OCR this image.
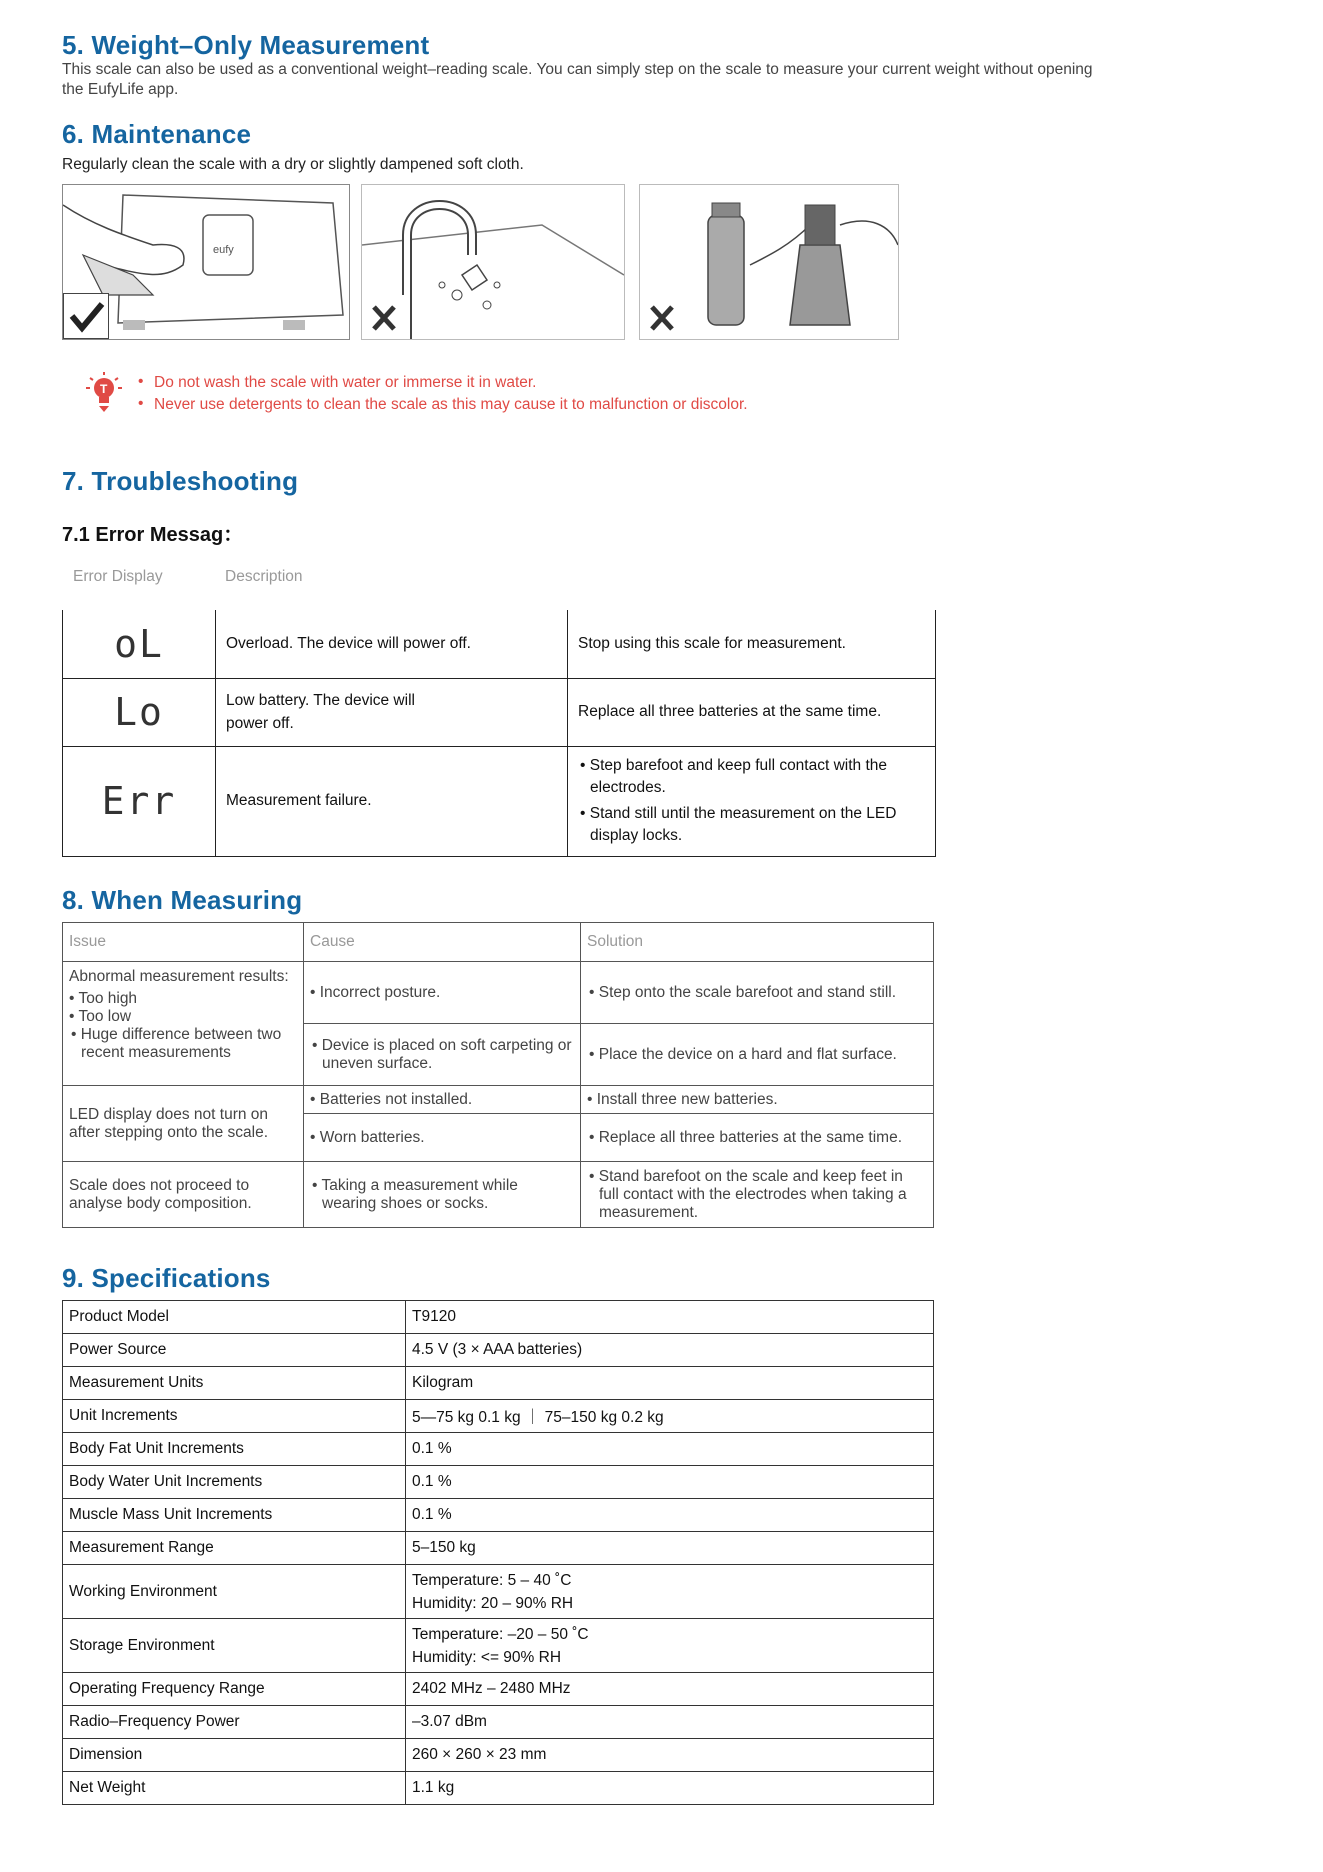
5. Weight–Only Measurement
This scale can also be used as a conventional weight–reading scale. You can simply step on the scale to measure your current weight without opening
the EufyLife app.
6. Maintenance
Regularly clean the scale with a dry or slightly dampened soft cloth.
eufy
T • Do not wash the scale with water or immerse it in water.
• Never use detergents to clean the scale as this may cause it to malfunction or discolor.
7. Troubleshooting
7.1 Error Messag：
Error Display	Description
oL	Overload. The device will power off.	Stop using this scale for measurement.
Lo	Low battery. The device will power off.	Replace all three batteries at the same time.
Err	Measurement failure.	• Step barefoot and keep full contact with the electrodes.
• Stand still until the measurement on the LED display locks.
8. When Measuring
Issue	Cause	Solution

Abnormal measurement results:
• Too high
• Too low
• Huge difference between two recent measurements	• Incorrect posture.	• Step onto the scale barefoot and stand still.

	• Device is placed on soft carpeting or uneven surface.	• Place the device on a hard and flat surface.

LED display does not turn on after stepping onto the scale.	• Batteries not installed.	• Install three new batteries.
	• Worn batteries.	• Replace all three batteries at the same time.

Scale does not proceed to analyse body composition.	• Taking a measurement while wearing shoes or socks.	• Stand barefoot on the scale and keep feet in full contact with the electrodes when taking a measurement.
9. Specifications
Product Model	T9120
Power Source	4.5 V (3 × AAA batteries)
Measurement Units	Kilogram
Unit Increments	5—75 kg 0.1 kg ｜ 75–150 kg 0.2 kg
Body Fat Unit Increments	0.1 %
Body Water Unit Increments	0.1 %
Muscle Mass Unit Increments	0.1 %
Measurement Range	5–150 kg
Working Environment	Temperature: 5 – 40 ˚C
Humidity: 20 – 90% RH

Storage Environment	Temperature: –20 – 50 ˚C
Humidity: <= 90% RH

Operating Frequency Range	2402 MHz – 2480 MHz
Radio–Frequency Power	–3.07 dBm
Dimension	260 × 260 × 23 mm
Net Weight	1.1 kg
